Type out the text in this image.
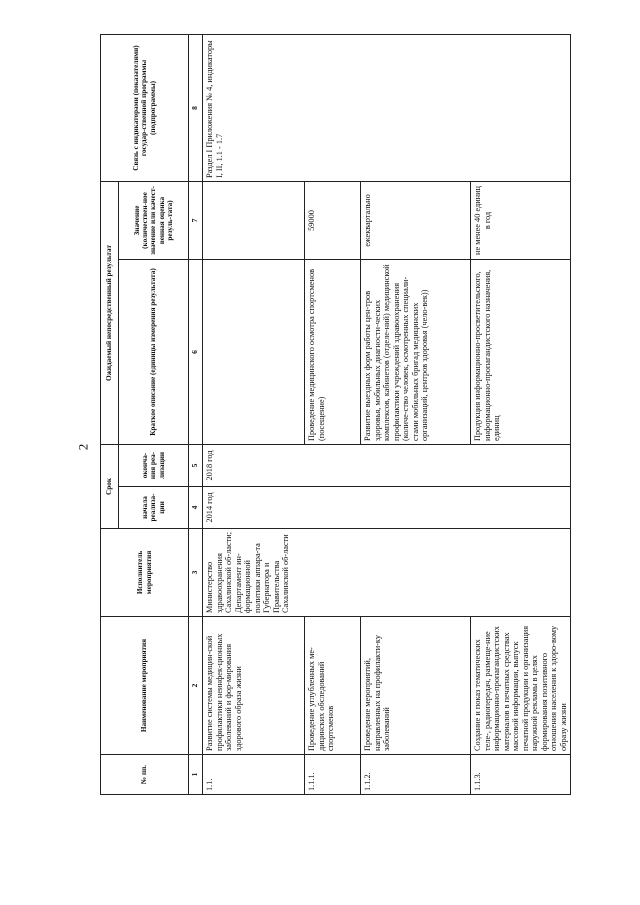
2
№ пп.	Наименование мероприятия	Исполнитель мероприятия	Срок		Ожидаемый непосредственный результат		Связь с индикаторами (показателями) государ-ственной программы (подпрограммы)
			начала реализа-ции	оконча-ния реа-лизации	Краткое описание (единицы измерения результата)	Значение (количествен-ное значение или качест-венная оценка резуль-тата)	
1	2	3	4	5	6	7	8
1.1.	Развитие системы медицин-ской профилактики неинфек-ционных заболеваний и фор-мирования здорового образа жизни	Министерство здравоохранения Сахалинской об-ласти; Департамент ин-формационной политики аппара-та Губернатора и Правительства Сахалинской об-ласти	2014 год	2018 год			Раздел I Приложения № 4, индикаторы I, II, 1.1 - 1.7
1.1.1.	Проведение углубленных ме-дицинских обследований спортсменов				Проведение медицинского осмотра спортсменов (посещение)	59000	
1.1.2.	Проведение мероприятий, направленных на профилакти-ку заболеваний				Развитие выездных форм работы цен-тров здоровья, мобильных диагности-ческих комплексов, кабинетов (отделе-ний) медицинской профилактики учреждений здравоохранения (количе-ство человек, осмотренных специали-стами мобильных бригад медицинских организаций, центров здоровья (чело-век))	ежеквартально	
1.1.3.	Создание и показ тематических теле-, радиопередач, размеще-ние информационно-пропагандистских материалов в печатных средствах массовой информации, выпуск печатной продукции и организация наружной рекламы в целях формирования позитивного отношения населения к здоро-вому образу жизни				Продукция информационно-просветительского, информационно-пропагандистского назначения, единиц	не менее 40 единиц в год	
